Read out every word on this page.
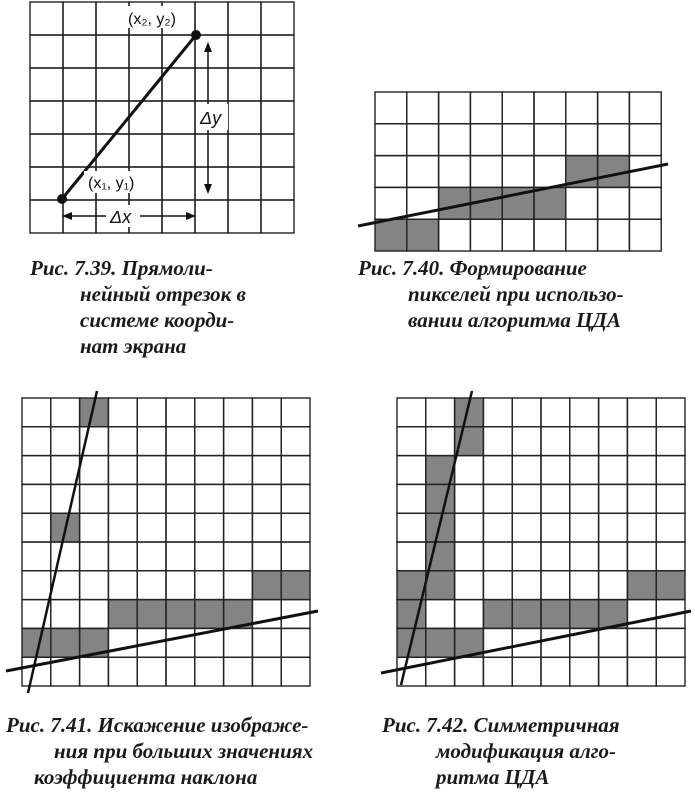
(x₂, y₂)
(x₁, y₁)
Δy
Δx
Рис. 7.39. Прямоли-
нейный отрезок в
системе коорди-
нат экрана
Рис. 7.40. Формирование
пикселей при использо-
вании алгоритма ЦДА
Рис. 7.41. Искажение изображе-
ния при больших значениях
коэффициента наклона
Рис. 7.42. Симметричная
модификация алго-
ритма ЦДА
